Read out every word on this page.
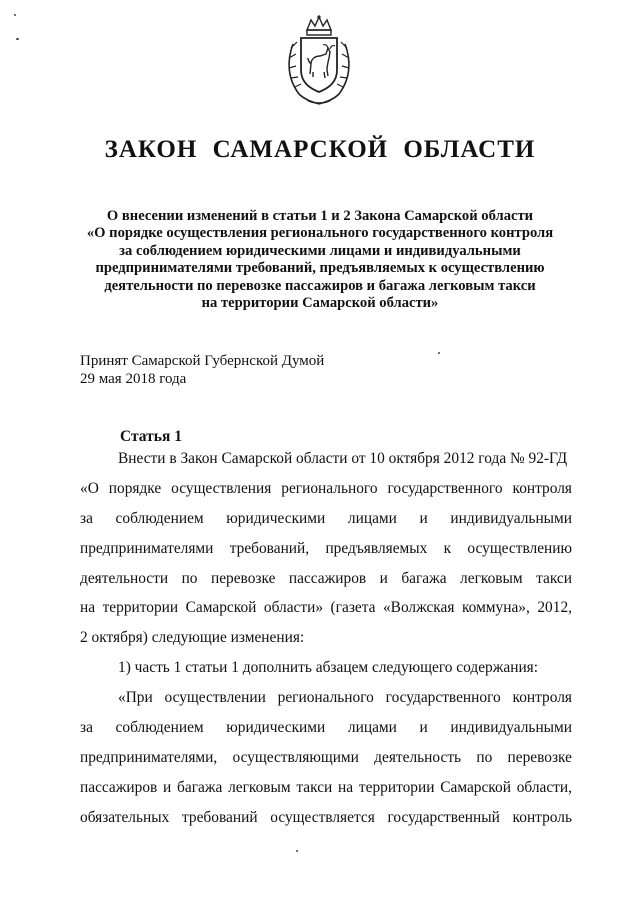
ЗАКОН САМАРСКОЙ ОБЛАСТИ
О внесении изменений в статьи 1 и 2 Закона Самарской области
«О порядке осуществления регионального государственного контроля
за соблюдением юридическими лицами и индивидуальными
предпринимателями требований, предъявляемых к осуществлению
деятельности по перевозке пассажиров и багажа легковым такси
на территории Самарской области»
Принят Самарской Губернской Думой
29 мая 2018 года
Статья 1
Внести в Закон Самарской области от 10 октября 2012 года № 92-ГД
«О порядке осуществления регионального государственного контроля
за соблюдением юридическими лицами и индивидуальными
предпринимателями требований, предъявляемых к осуществлению
деятельности по перевозке пассажиров и багажа легковым такси
на территории Самарской области» (газета «Волжская коммуна», 2012,
2 октября) следующие изменения:
1) часть 1 статьи 1 дополнить абзацем следующего содержания:
«При осуществлении регионального государственного контроля
за соблюдением юридическими лицами и индивидуальными
предпринимателями, осуществляющими деятельность по перевозке
пассажиров и багажа легковым такси на территории Самарской области,
обязательных требований осуществляется государственный контроль
